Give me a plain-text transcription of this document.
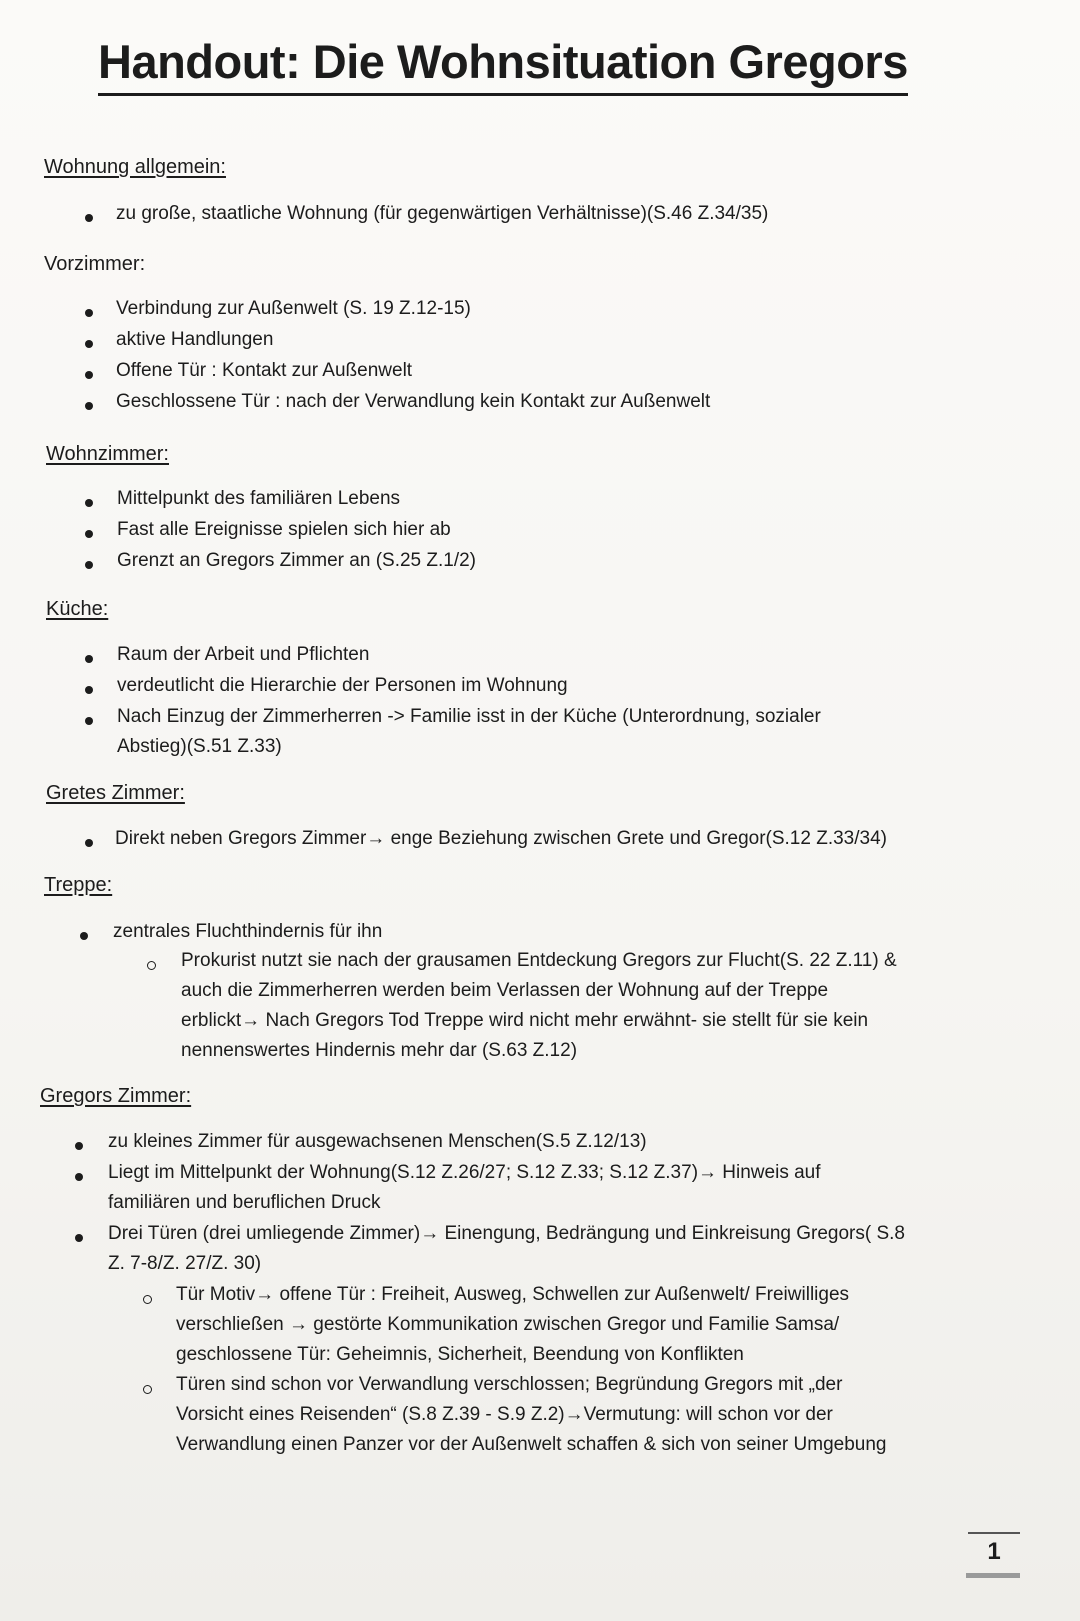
Handout: Die Wohnsituation Gregors
Wohnung allgemein:
zu große, staatliche Wohnung (für gegenwärtigen Verhältnisse)(S.46 Z.34/35)
Vorzimmer:
Verbindung zur Außenwelt (S. 19 Z.12-15)
aktive Handlungen
Offene Tür : Kontakt zur Außenwelt
Geschlossene Tür : nach der Verwandlung kein Kontakt zur Außenwelt
Wohnzimmer:
Mittelpunkt des familiären Lebens
Fast alle Ereignisse spielen sich hier ab
Grenzt an Gregors Zimmer an (S.25 Z.1/2)
Küche:
Raum der Arbeit und Pflichten
verdeutlicht die Hierarchie der Personen im Wohnung
Nach Einzug der Zimmerherren -> Familie isst in der Küche (Unterordnung, sozialer
Abstieg)(S.51 Z.33)
Gretes Zimmer:
Direkt neben Gregors Zimmer→ enge Beziehung zwischen Grete und Gregor(S.12 Z.33/34)
Treppe:
zentrales Fluchthindernis für ihn
Prokurist nutzt sie nach der grausamen Entdeckung Gregors zur Flucht(S. 22 Z.11) &
auch die Zimmerherren werden beim Verlassen der Wohnung auf der Treppe
erblickt→ Nach Gregors Tod Treppe wird nicht mehr erwähnt- sie stellt für sie kein
nennenswertes Hindernis mehr dar (S.63 Z.12)
Gregors Zimmer:
zu kleines Zimmer für ausgewachsenen Menschen(S.5 Z.12/13)
Liegt im Mittelpunkt der Wohnung(S.12 Z.26/27; S.12 Z.33; S.12 Z.37)→ Hinweis auf
familiären und beruflichen Druck
Drei Türen (drei umliegende Zimmer)→ Einengung, Bedrängung und Einkreisung Gregors( S.8
Z. 7-8/Z. 27/Z. 30)
Tür Motiv→ offene Tür : Freiheit, Ausweg, Schwellen zur Außenwelt/ Freiwilliges
verschließen → gestörte Kommunikation zwischen Gregor und Familie Samsa/
geschlossene Tür: Geheimnis, Sicherheit, Beendung von Konflikten
Türen sind schon vor Verwandlung verschlossen; Begründung Gregors mit „der
Vorsicht eines Reisenden“ (S.8 Z.39 - S.9 Z.2)→Vermutung: will schon vor der
Verwandlung einen Panzer vor der Außenwelt schaffen & sich von seiner Umgebung
1
